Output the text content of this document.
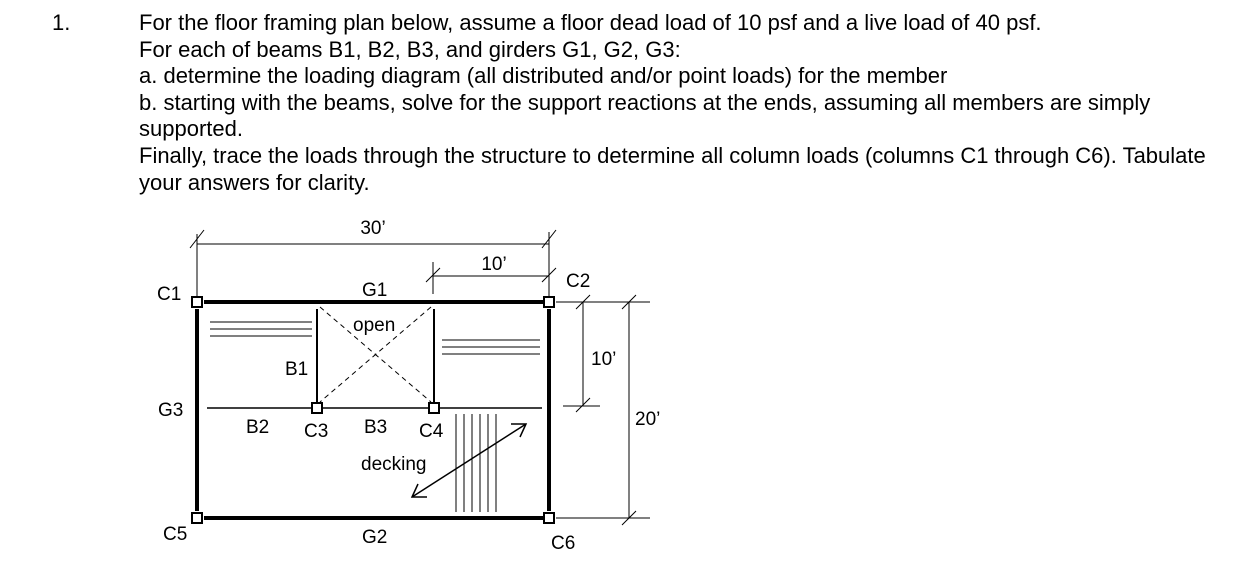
1.	For the floor framing plan below, assume a floor dead load of 10 psf and a live load of 40 psf.

For each of beams B1, B2, B3, and girders G1, G2, G3:

a. determine the loading diagram (all distributed and/or point loads) for the member

b. starting with the beams, solve for the support reactions at the ends, assuming all members are simply supported.

Finally, trace the loads through the structure to determine all column loads (columns C1 through C6). Tabulate your answers for clarity.

30’
10’
10’
20’
C1
C2
C3	C4
C5	C6
G1
G2
G3
B1
B2	B3
open
decking
